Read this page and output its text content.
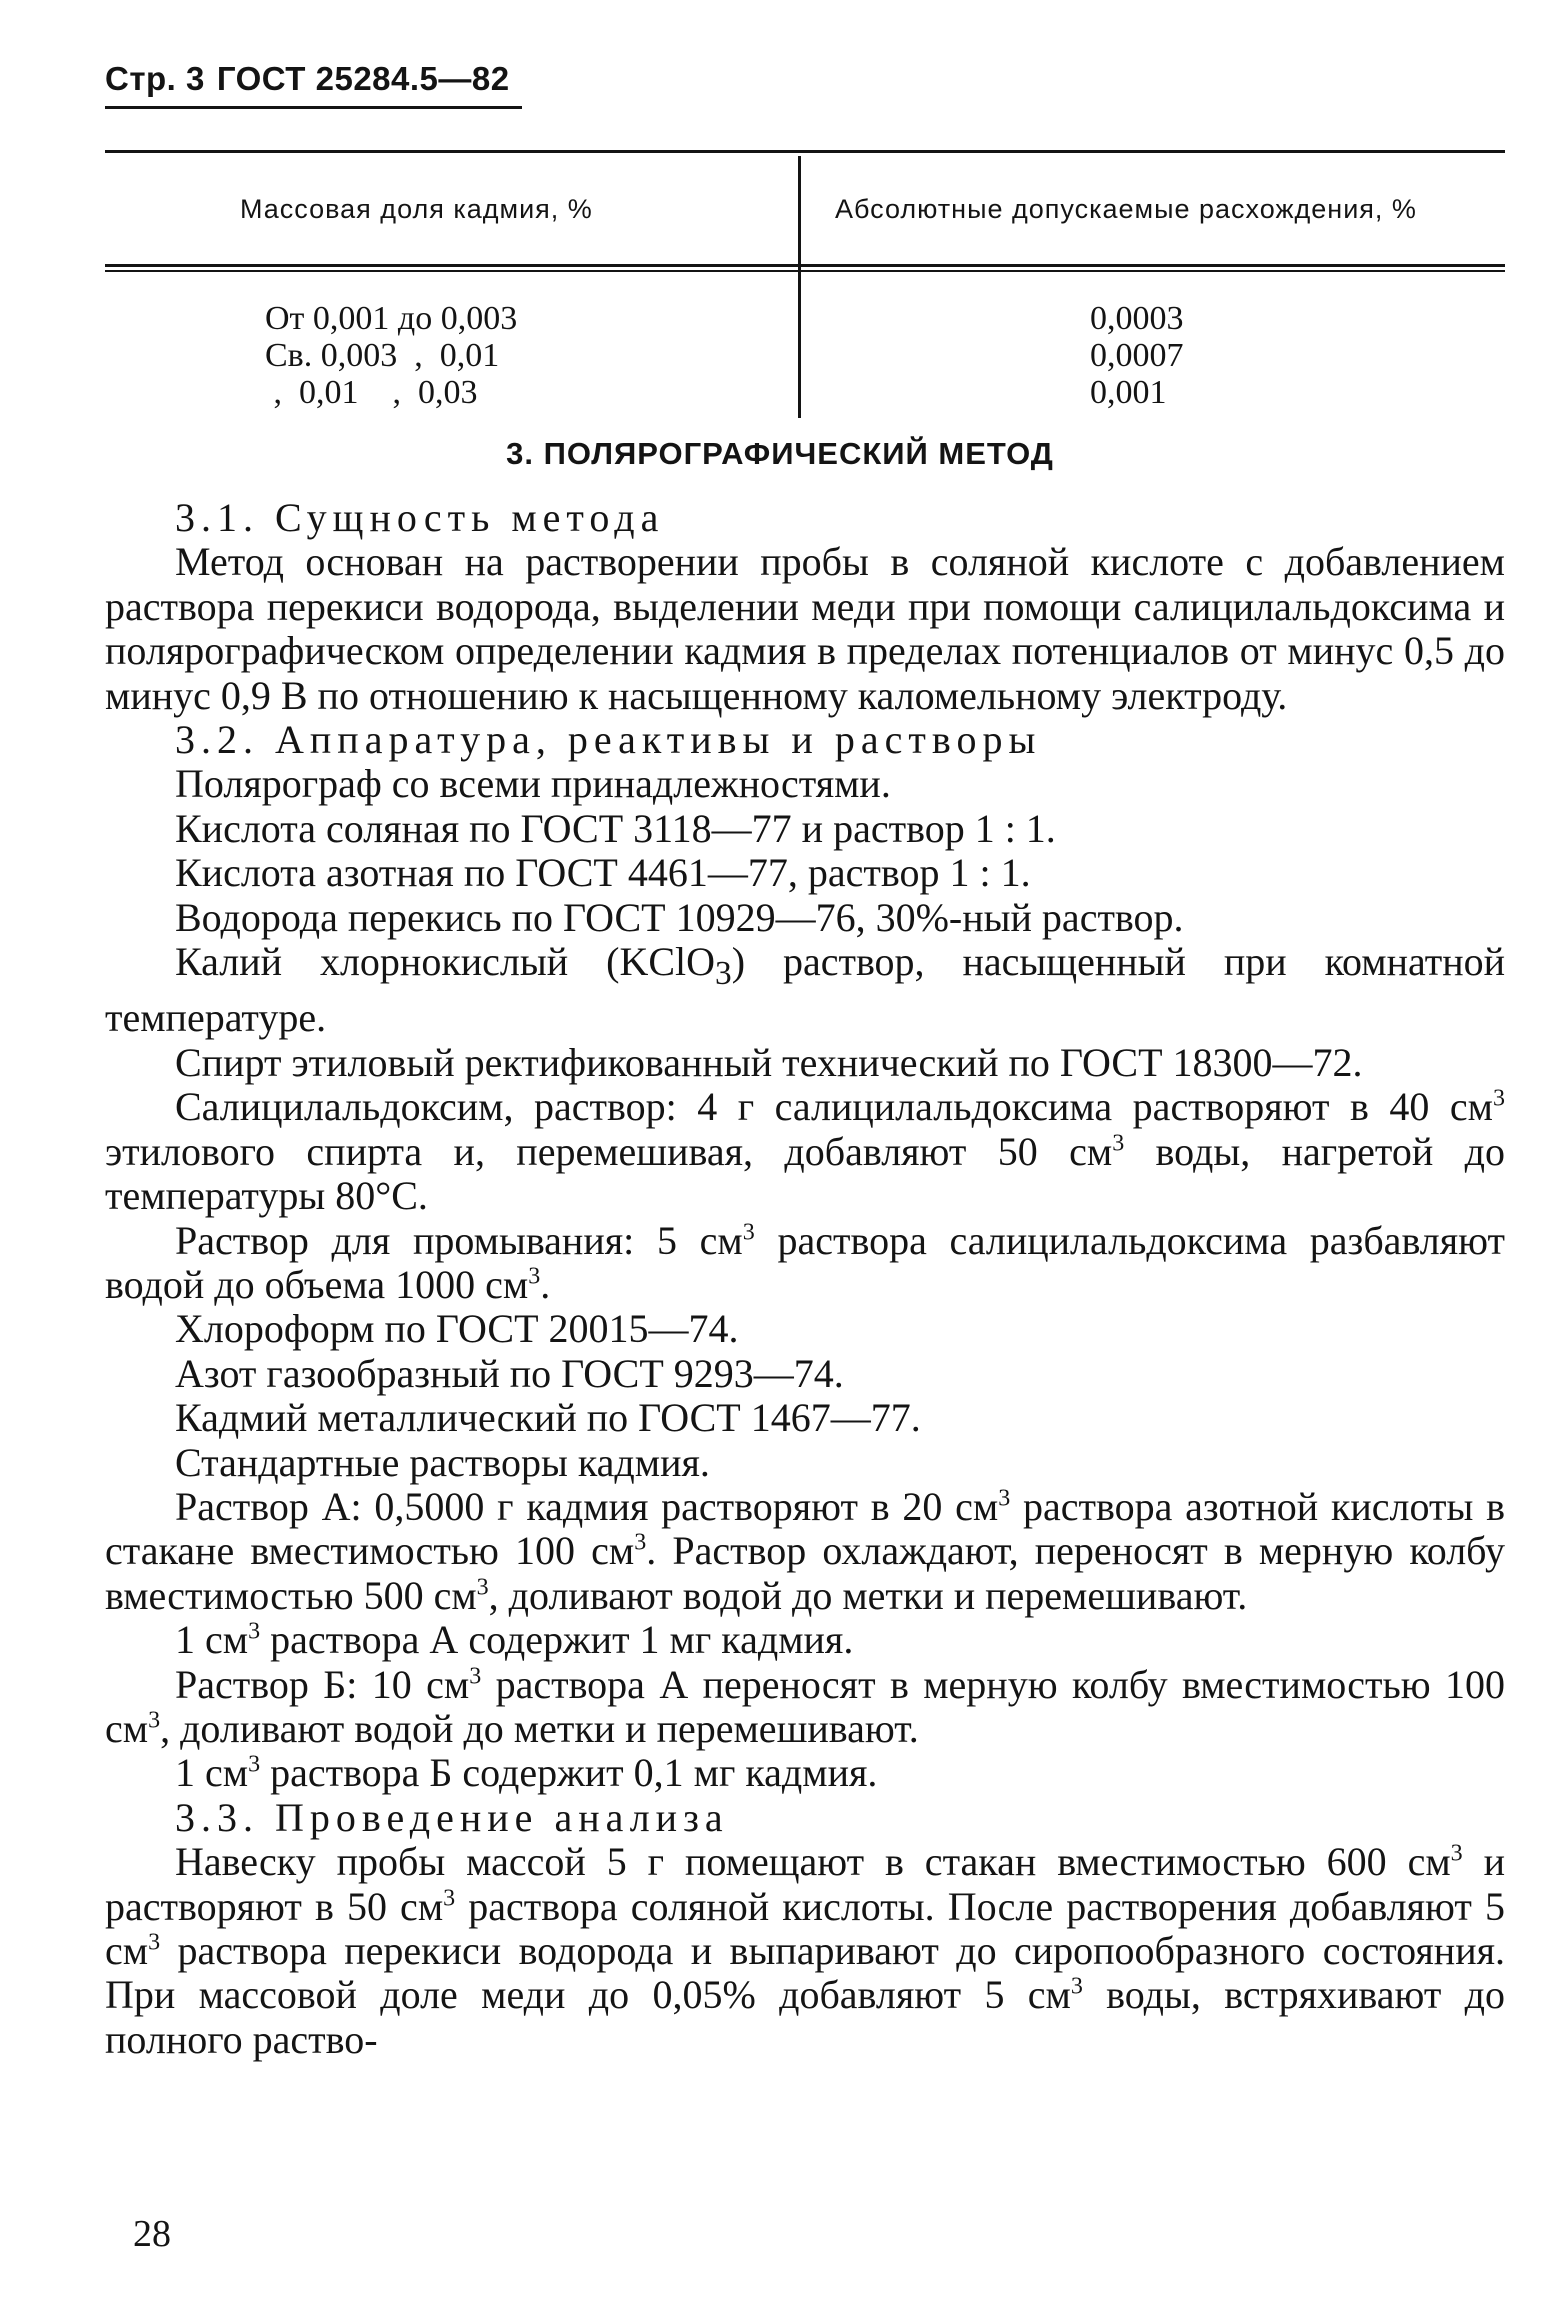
Стр. 3 ГОСТ 25284.5—82
Массовая доля кадмия, %	Абсолютные допускаемые расхождения, %
От 0,001 до 0,003	0,0003
Св. 0,003  ,  0,01	0,0007
,  0,01    ,  0,03	0,001
3. ПОЛЯРОГРАФИЧЕСКИЙ МЕТОД

3.1. Сущность метода

Метод основан на растворении пробы в соляной кислоте с добавлением раствора перекиси водорода, выделении меди при помощи салицилальдоксима и полярографическом определении кадмия в пределах потенциалов от минус 0,5 до минус 0,9 В по отношению к насыщенному каломельному электроду.

3.2. Аппаратура, реактивы и растворы

Полярограф со всеми принадлежностями.

Кислота соляная по ГОСТ 3118—77 и раствор 1 : 1.

Кислота азотная по ГОСТ 4461—77, раствор 1 : 1.

Водорода перекись по ГОСТ 10929—76, 30%-ный раствор.

Калий хлорнокислый (KClO$_3$) раствор, насыщенный при комнатной температуре.

Спирт этиловый ректификованный технический по ГОСТ 18300—72.

Салицилальдоксим, раствор: 4 г салицилальдоксима растворяют в 40 $см^3$ этилового спирта и, перемешивая, добавляют 50 $см^3$ воды, нагретой до температуры 80°С.

Раствор для промывания: 5 $см^3$ раствора салицилальдоксима разбавляют водой до объема 1000 $см^3$.

Хлороформ по ГОСТ 20015—74.

Азот газообразный по ГОСТ 9293—74.

Кадмий металлический по ГОСТ 1467—77.

Стандартные растворы кадмия.

Раствор А: 0,5000 г кадмия растворяют в 20 $см^3$ раствора азотной кислоты в стакане вместимостью 100 $см^3$. Раствор охлаждают, переносят в мерную колбу вместимостью 500 $см^3$, доливают водой до метки и перемешивают.

1 $см^3$ раствора А содержит 1 мг кадмия.

Раствор Б: 10 $см^3$ раствора А переносят в мерную колбу вместимостью 100 $см^3$, доливают водой до метки и перемешивают.

1 $см^3$ раствора Б содержит 0,1 мг кадмия.

3.3. Проведение анализа

Навеску пробы массой 5 г помещают в стакан вместимостью 600 $см^3$ и растворяют в 50 $см^3$ раствора соляной кислоты. После растворения добавляют 5 $см^3$ раствора перекиси водорода и выпаривают до сиропообразного состояния. При массовой доле меди до 0,05% добавляют 5 $см^3$ воды, встряхивают до полного раство-

28
